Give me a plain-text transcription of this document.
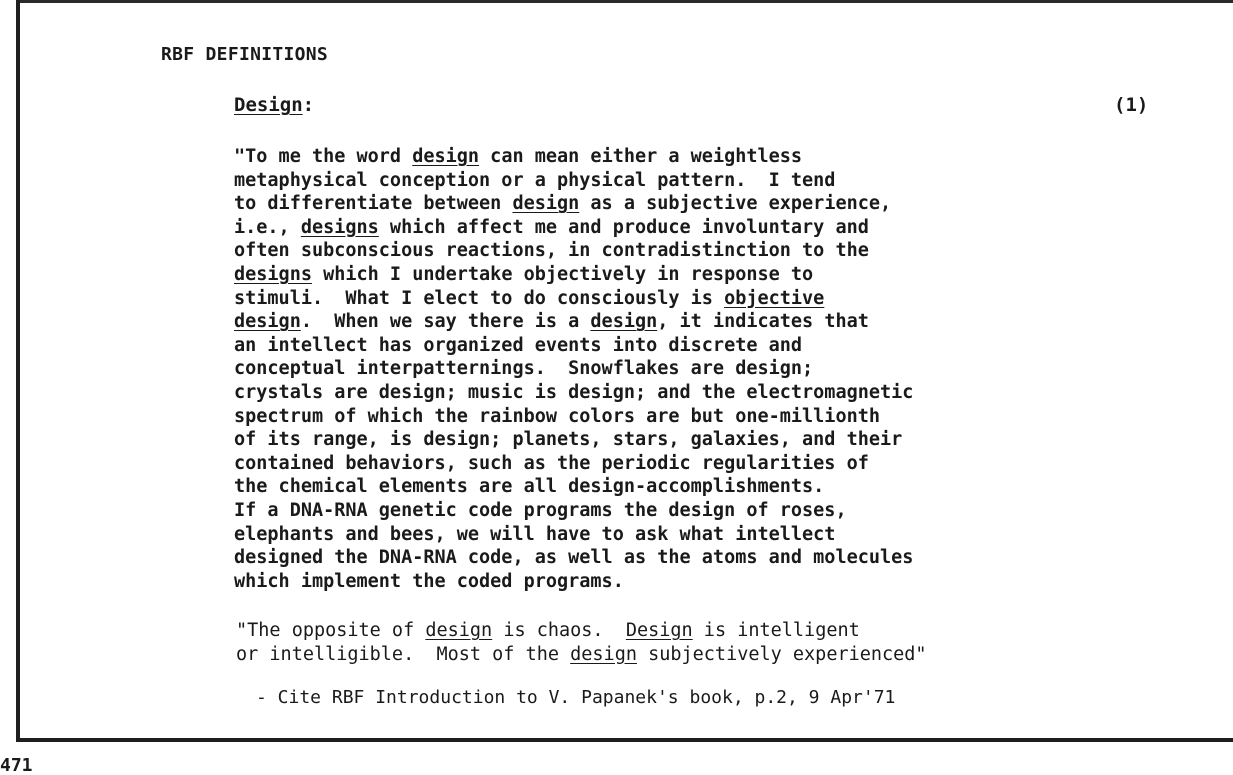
RBF DEFINITIONS
Design:	(1)
"To me the word design can mean either a weightless
metaphysical conception or a physical pattern.  I tend
to differentiate between design as a subjective experience,
i.e., designs which affect me and produce involuntary and
often subconscious reactions, in contradistinction to the
designs which I undertake objectively in response to
stimuli.  What I elect to do consciously is objective
design.  When we say there is a design, it indicates that
an intellect has organized events into discrete and
conceptual interpatternings.  Snowflakes are design;
crystals are design; music is design; and the electromagnetic
spectrum of which the rainbow colors are but one-millionth
of its range, is design; planets, stars, galaxies, and their
contained behaviors, such as the periodic regularities of
the chemical elements are all design-accomplishments.
If a DNA-RNA genetic code programs the design of roses,
elephants and bees, we will have to ask what intellect
designed the DNA-RNA code, as well as the atoms and molecules
which implement the coded programs.
"The opposite of design is chaos.  Design is intelligent
or intelligible.  Most of the design subjectively experienced"
- Cite RBF Introduction to V. Papanek's book, p.2, 9 Apr'71
471
